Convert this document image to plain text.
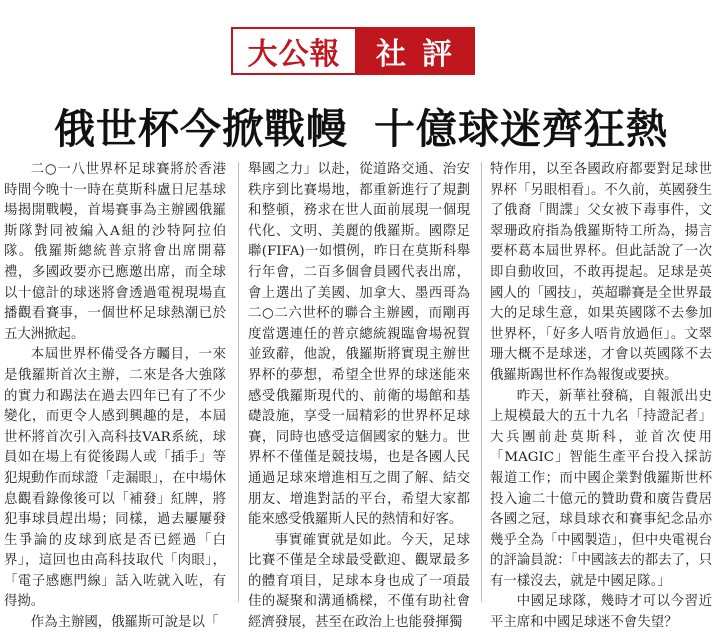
大公報	社評
俄世杯今掀戰幔 十億球迷齊狂熱

二○一八世界杯足球賽將於香港時間今晚十一時在莫斯科盧日尼基球場揭開戰幔，首場賽事為主辦國俄羅斯隊對同被編入A組的沙特阿拉伯隊。俄羅斯總統普京將會出席開幕禮，多國政要亦已應邀出席，而全球以十億計的球迷將會透過電視現場直播觀看賽事，一個世杯足球熱潮已於五大洲掀起。

本屆世界杯備受各方矚目，一來是俄羅斯首次主辦，二來是各大強隊的實力和踢法在過去四年已有了不少變化，而更令人感到興趣的是，本屆世杯將首次引入高科技VAR系統，球員如在場上有從後踼人或「插手」等犯規動作而球證「走漏眼」，在中場休息觀看錄像後可以「補發」紅牌，將犯事球員趕出場；同樣，過去屢屢發生爭論的皮球到底是否已經過「白界」，這回也由高科技取代「肉眼」，「電子感應門線」話入咗就入咗，有得拗。

作為主辦國，俄羅斯可說是以「

舉國之力」以赴，從道路交通、治安秩序到比賽場地，都重新進行了規劃和整頓，務求在世人面前展現一個現代化、文明、美麗的俄羅斯。國際足聯(FIFA)一如慣例，昨日在莫斯科舉行年會，二百多個會員國代表出席，會上選出了美國、加拿大、墨西哥為二○二六世杯的聯合主辦國，而剛再度當選連任的普京總統親臨會場祝賀並致辭，他說，俄羅斯將實現主辦世界杯的夢想，希望全世界的球迷能來感受俄羅斯現代的、前衛的場館和基礎設施，享受一屆精彩的世界杯足球賽，同時也感受這個國家的魅力。世界杯不僅僅是競技場，也是各國人民通過足球來增進相互之間了解、結交朋友、增進對話的平台，希望大家都能來感受俄羅斯人民的熱情和好客。

事實確實就是如此。今天，足球比賽不僅是全球最受歡迎、觀眾最多的體育項目，足球本身也成了一項最佳的凝聚和溝通橋樑，不僅有助社會經濟發展，甚至在政治上也能發揮獨

特作用，以至各國政府都要對足球世界杯「另眼相看」。不久前，英國發生了俄裔「間諜」父女被下毒事件，文翠珊政府指為俄羅斯特工所為，揚言要杯葛本屆世界杯。但此話說了一次即自動收回，不敢再提起。足球是英國人的「國技」，英超聯賽是全世界最大的足球生意，如果英國隊不去參加世界杯，「好多人唔肯放過佢」。文翠珊大概不是球迷，才會以英國隊不去俄羅斯踢世杯作為報復或要挾。

昨天，新華社發稿，自報派出史上規模最大的五十九名「持證記者」大兵團前赴莫斯科，並首次使用「MAGIC」智能生產平台投入採訪報道工作；而中國企業對俄羅斯世杯投入逾二十億元的贊助費和廣告費居各國之冠，球員球衣和賽事紀念品亦幾乎全為「中國製造」，但中央電視台的評論員說：「中國該去的都去了，只有一樣沒去，就是中國足隊。」

中國足球隊，幾時才可以今習近平主席和中國足球迷不會失望？
